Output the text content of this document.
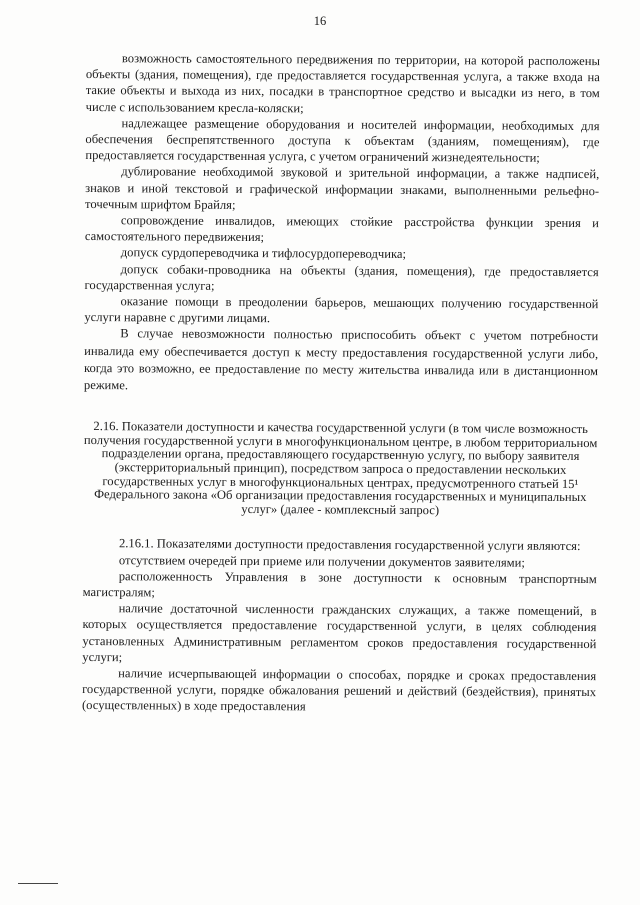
16

возможность самостоятельного передвижения по территории, на которой расположены объекты (здания, помещения), где предоставляется государственная услуга, а также входа на такие объекты и выхода из них, посадки в транспортное средство и высадки из него, в том числе с использованием кресла-коляски;

надлежащее размещение оборудования и носителей информации, необходимых для обеспечения беспрепятственного доступа к объектам (зданиям, помещениям), где предоставляется государственная услуга, с учетом ограничений жизнедеятельности;

дублирование необходимой звуковой и зрительной информации, а также надписей, знаков и иной текстовой и графической информации знаками, выполненными рельефно-точечным шрифтом Брайля;

сопровождение инвалидов, имеющих стойкие расстройства функции зрения и самостоятельного передвижения;

допуск сурдопереводчика и тифлосурдопереводчика;

допуск собаки-проводника на объекты (здания, помещения), где предоставляется государственная услуга;

оказание помощи в преодолении барьеров, мешающих получению государственной услуги наравне с другими лицами.

В случае невозможности полностью приспособить объект с учетом потребности инвалида ему обеспечивается доступ к месту предоставления государственной услуги либо, когда это возможно, ее предоставление по месту жительства инвалида или в дистанционном режиме.

2.16. Показатели доступности и качества государственной услуги (в том числе возможность получения государственной услуги в многофункциональном центре, в любом территориальном подразделении органа, предоставляющего государственную услугу, по выбору заявителя (экстерриториальный принцип), посредством запроса о предоставлении нескольких государственных услуг в многофункциональных центрах, предусмотренного статьей 15¹ Федерального закона «Об организации предоставления государственных и муниципальных услуг» (далее - комплексный запрос)

2.16.1. Показателями доступности предоставления государственной услуги являются:

отсутствием очередей при приеме или получении документов заявителями;

расположенность Управления в зоне доступности к основным транспортным магистралям;

наличие достаточной численности гражданских служащих, а также помещений, в которых осуществляется предоставление государственной услуги, в целях соблюдения установленных Административным регламентом сроков предоставления государственной услуги;

наличие исчерпывающей информации о способах, порядке и сроках предоставления государственной услуги, порядке обжалования решений и действий (бездействия), принятых (осуществленных) в ходе предоставления
